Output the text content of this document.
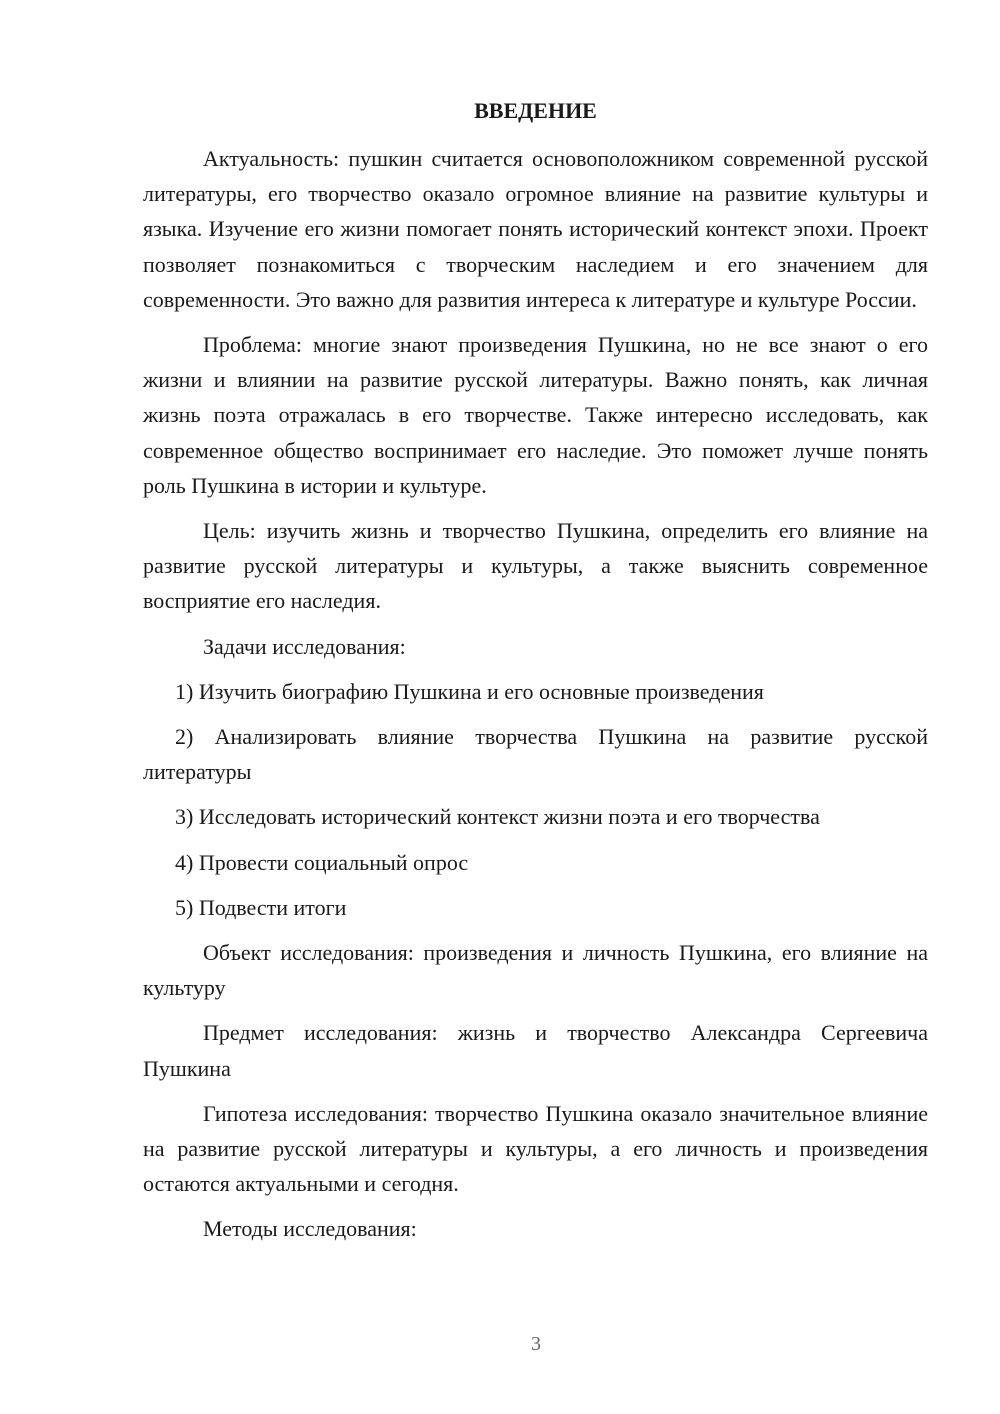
ВВЕДЕНИЕ

Актуальность: пушкин считается основоположником современной русской литературы, его творчество оказало огромное влияние на развитие культуры и языка. Изучение его жизни помогает понять исторический контекст эпохи. Проект позволяет познакомиться с творческим наследием и его значением для современности. Это важно для развития интереса к литературе и культуре России.

Проблема: многие знают произведения Пушкина, но не все знают о его жизни и влиянии на развитие русской литературы. Важно понять, как личная жизнь поэта отражалась в его творчестве. Также интересно исследовать, как современное общество воспринимает его наследие. Это поможет лучше понять роль Пушкина в истории и культуре.

Цель: изучить жизнь и творчество Пушкина, определить его влияние на развитие русской литературы и культуры, а также выяснить современное восприятие его наследия.

Задачи исследования:

1) Изучить биографию Пушкина и его основные произведения

2) Анализировать влияние творчества Пушкина на развитие русской литературы

3) Исследовать исторический контекст жизни поэта и его творчества

4) Провести социальный опрос

5) Подвести итоги

Объект исследования: произведения и личность Пушкина, его влияние на культуру

Предмет исследования: жизнь и творчество Александра Сергеевича Пушкина

Гипотеза исследования: творчество Пушкина оказало значительное влияние на развитие русской литературы и культуры, а его личность и произведения остаются актуальными и сегодня.

Методы исследования:

3
